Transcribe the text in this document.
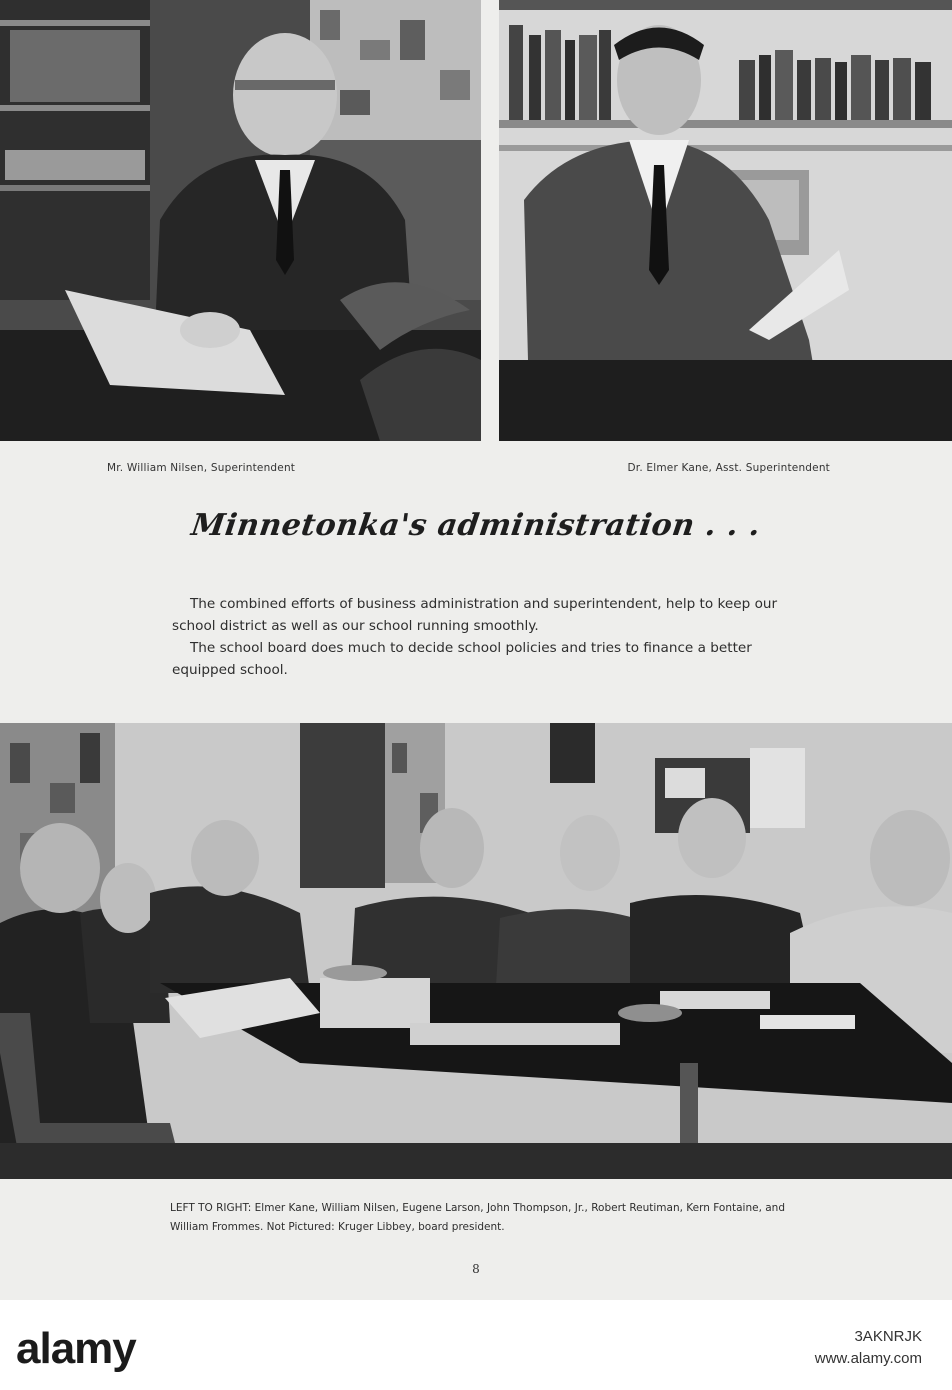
Mr. William Nilsen, Superintendent	Dr. Elmer Kane, Asst. Superintendent
Minnetonka's administration . . .

The combined efforts of business administration and superintendent, help to keep our school district as well as our school running smoothly.

The school board does much to decide school policies and tries to finance a better equipped school.

LEFT TO RIGHT: Elmer Kane, William Nilsen, Eugene Larson, John Thompson, Jr., Robert Reutiman, Kern Fontaine, and William Frommes. Not Pictured: Kruger Libbey, board president.
8
alamy	3AKNRJK
www.alamy.com
